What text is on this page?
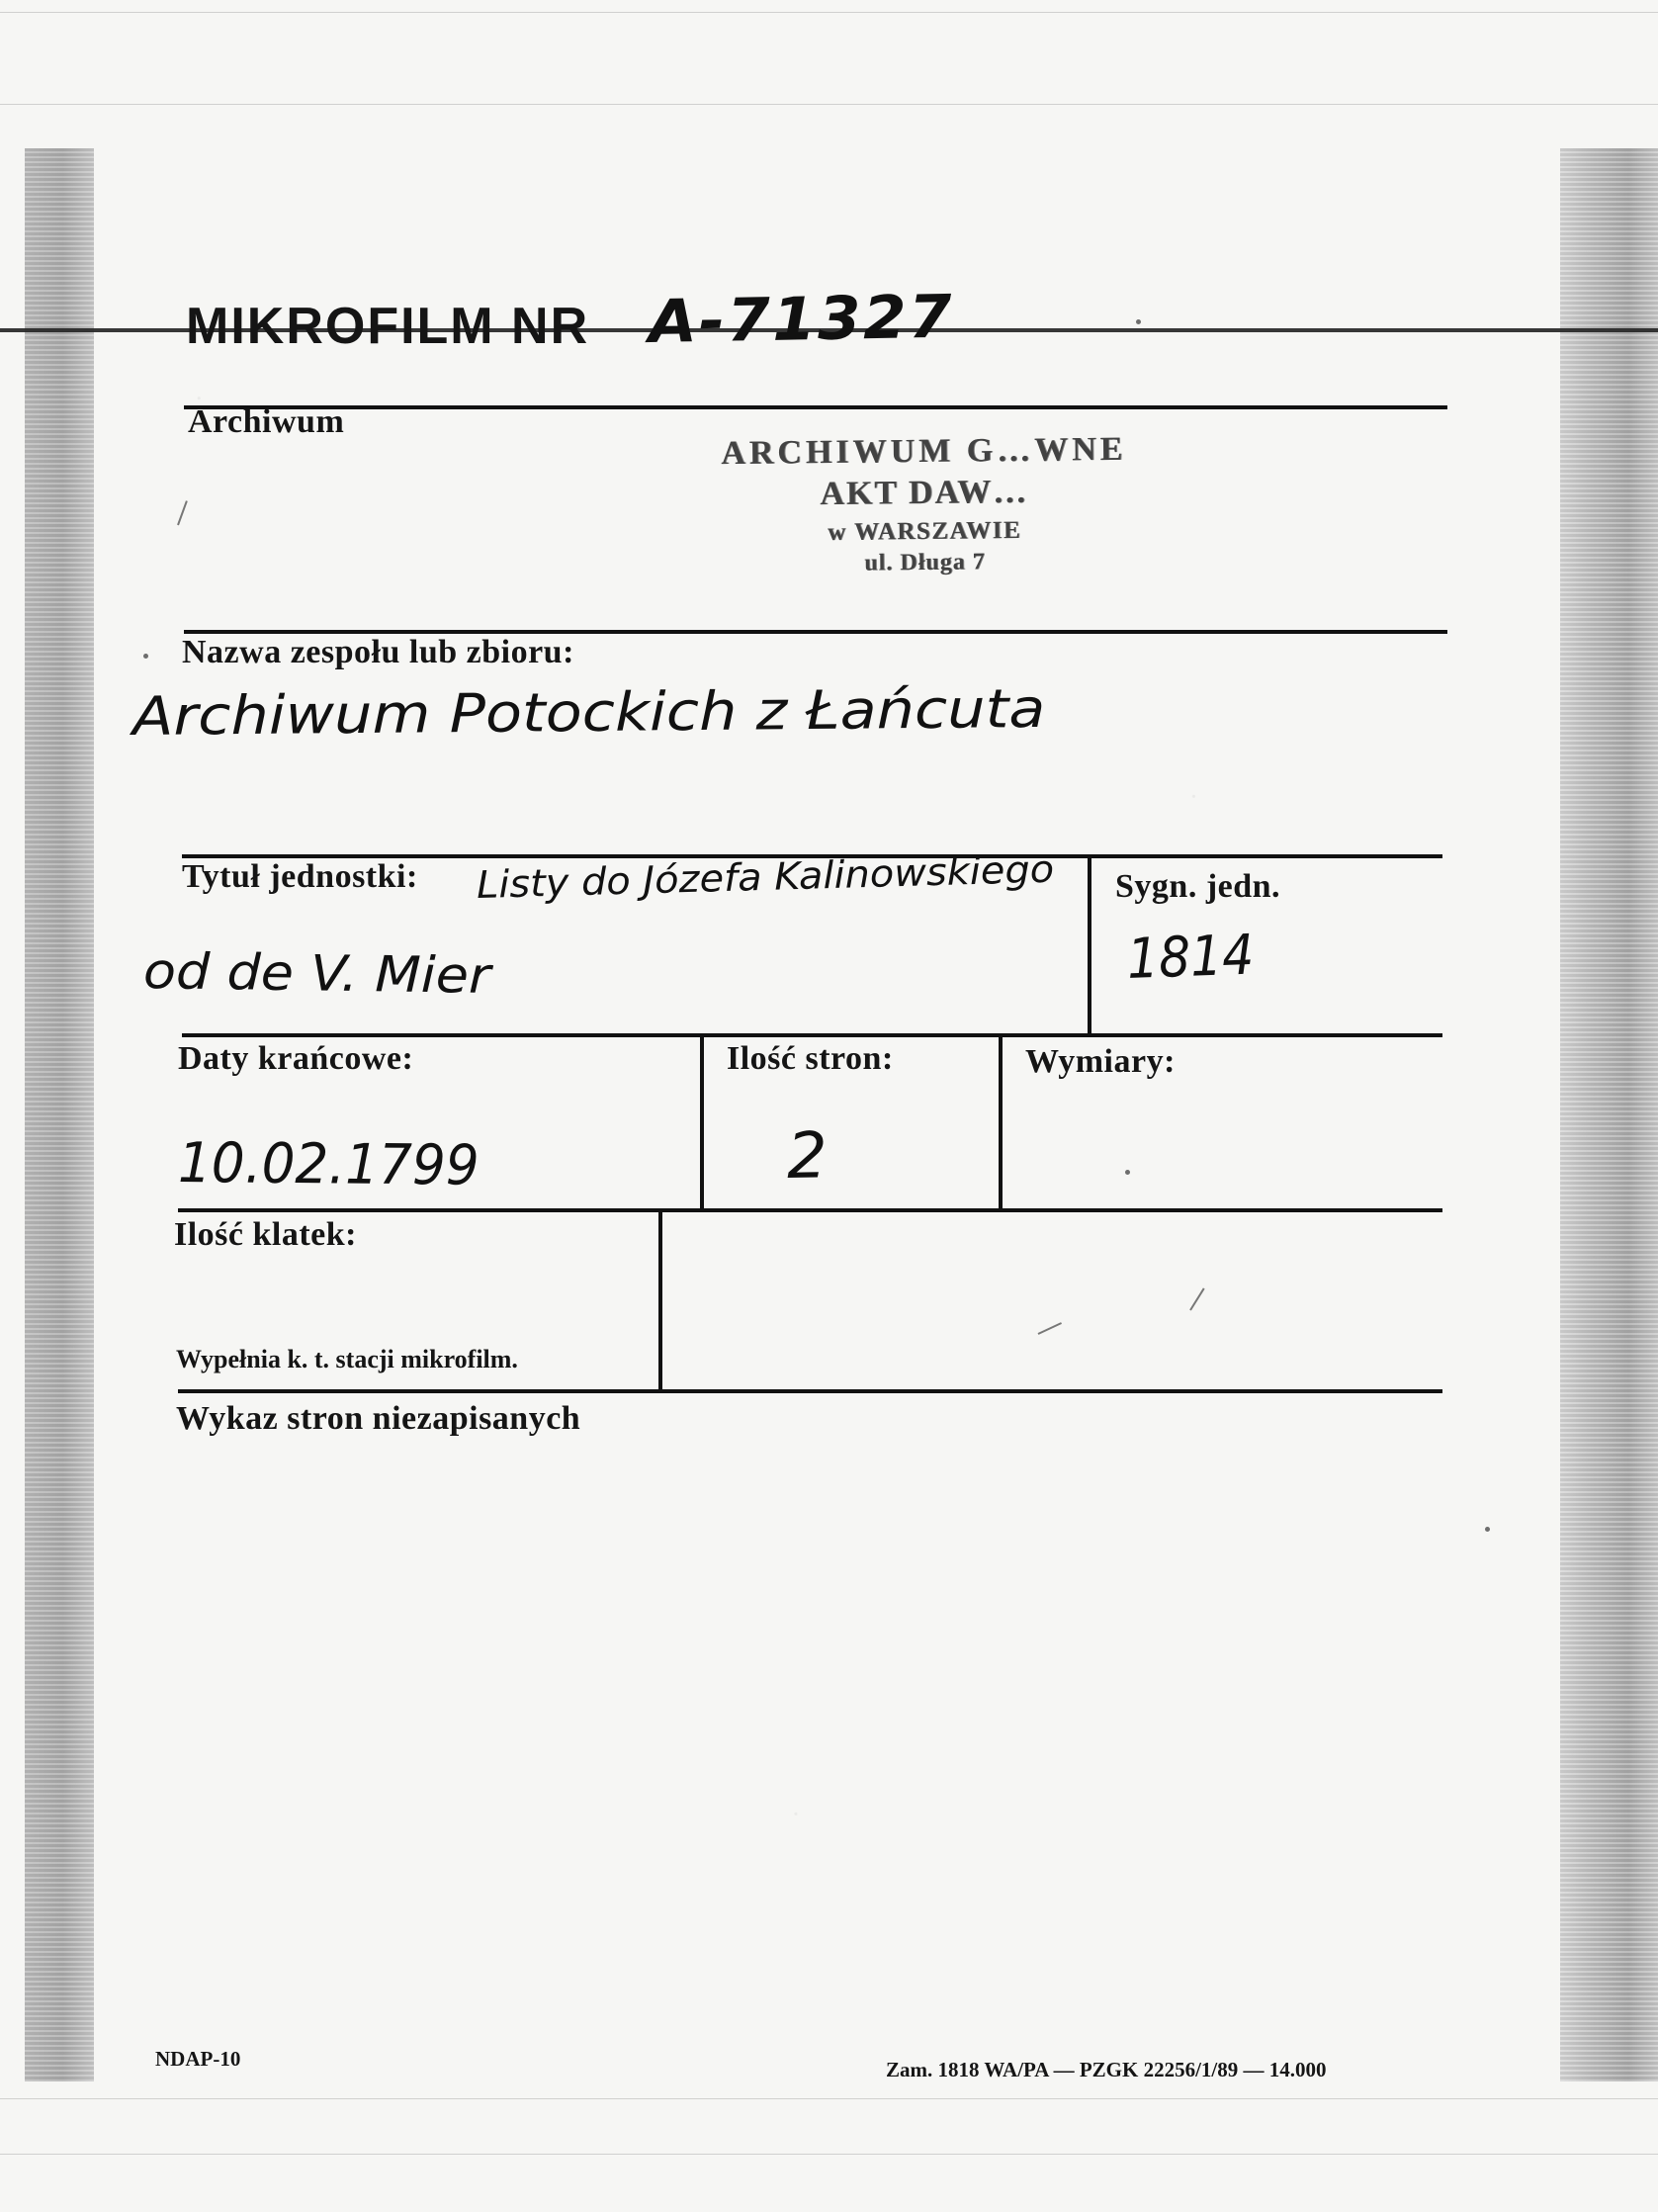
MIKROFILM NR A-71327
Archiwum
ARCHIWUM G…WNE
AKT DAW…
w WARSZAWIE
ul. Długa 7
Nazwa zespołu lub zbioru:
Archiwum Potockich z Łańcuta
Tytuł jednostki: Listy do Józefa Kalinowskiego
od de V. Mier
Sygn. jedn.
1814
Daty krańcowe:
10.02.1799
Ilość stron:
2
Wymiary:
Ilość klatek:
Wypełnia k. t. stacji mikrofilm.
Wykaz stron niezapisanych
NDAP-10	Zam. 1818 WA/PA — PZGK 22256/1/89 — 14.000
